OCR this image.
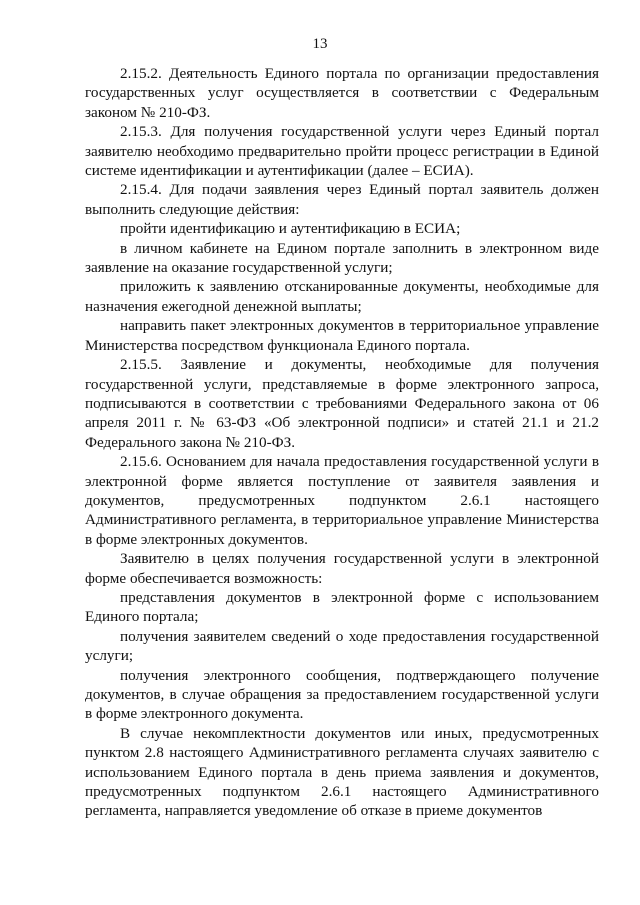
13

2.15.2. Деятельность Единого портала по организации предоставления государственных услуг осуществляется в соответствии с Федеральным законом № 210-ФЗ.

2.15.3. Для получения государственной услуги через Единый портал заявителю необходимо предварительно пройти процесс регистрации в Единой системе идентификации и аутентификации (далее – ЕСИА).

2.15.4. Для подачи заявления через Единый портал заявитель должен выполнить следующие действия:

пройти идентификацию и аутентификацию в ЕСИА;

в личном кабинете на Едином портале заполнить в электронном виде заявление на оказание государственной услуги;

приложить к заявлению отсканированные документы, необходимые для назначения ежегодной денежной выплаты;

направить пакет электронных документов в территориальное управление Министерства посредством функционала Единого портала.

2.15.5. Заявление и документы, необходимые для получения государственной услуги, представляемые в форме электронного запроса, подписываются в соответствии с требованиями Федерального закона от 06 апреля 2011 г. № 63-ФЗ «Об электронной подписи» и статей 21.1 и 21.2 Федерального закона № 210-ФЗ.

2.15.6. Основанием для начала предоставления государственной услуги в электронной форме является поступление от заявителя заявления и документов, предусмотренных подпунктом 2.6.1 настоящего Административного регламента, в территориальное управление Министерства в форме электронных документов.

Заявителю в целях получения государственной услуги в электронной форме обеспечивается возможность:

представления документов в электронной форме с использованием Единого портала;

получения заявителем сведений о ходе предоставления государственной услуги;

получения электронного сообщения, подтверждающего получение документов, в случае обращения за предоставлением государственной услуги в форме электронного документа.

В случае некомплектности документов или иных, предусмотренных пунктом 2.8 настоящего Административного регламента случаях заявителю с использованием Единого портала в день приема заявления и документов, предусмотренных подпунктом 2.6.1 настоящего Административного регламента, направляется уведомление об отказе в приеме документов
